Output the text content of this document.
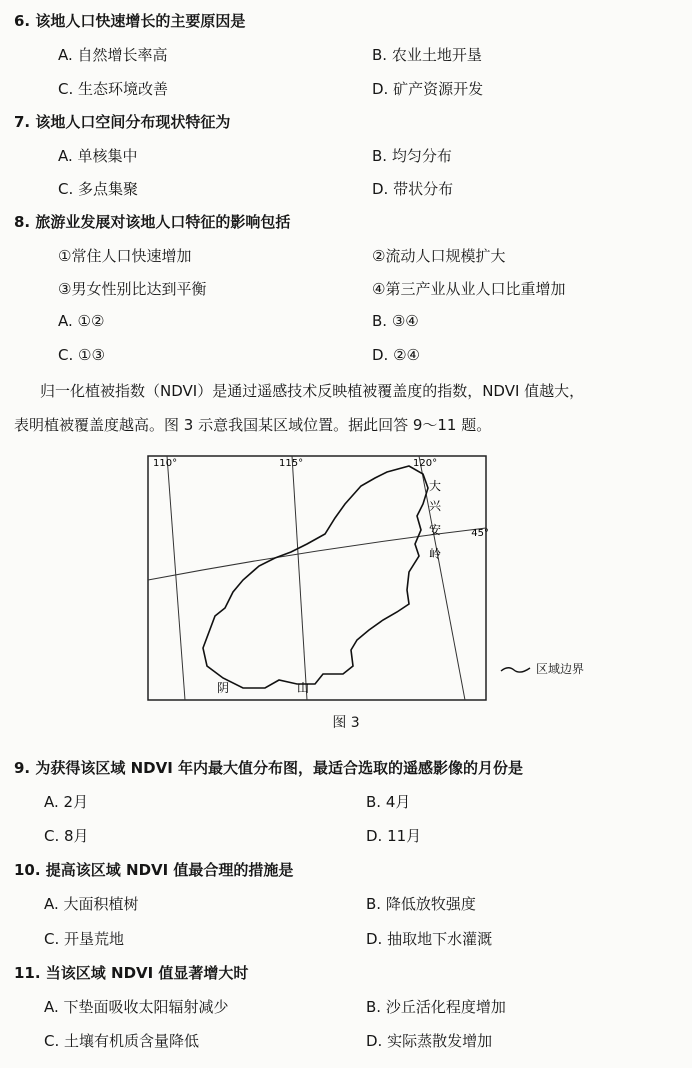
6. 该地人口快速增长的主要原因是
A. 自然增长率高	B. 农业土地开垦
C. 生态环境改善	D. 矿产资源开发
7. 该地人口空间分布现状特征为
A. 单核集中	B. 均匀分布
C. 多点集聚	D. 带状分布
8. 旅游业发展对该地人口特征的影响包括
①常住人口快速增加	②流动人口规模扩大
③男女性别比达到平衡	④第三产业从业人口比重增加
A. ①②	B. ③④
C. ①③	D. ②④
归一化植被指数（NDVI）是通过遥感技术反映植被覆盖度的指数，NDVI 值越大，
表明植被覆盖度越高。图 3 示意我国某区域位置。据此回答 9～11 题。
110°	115°	120°
45°
大
兴
安
岭
阴	山
区域边界
图 3
9. 为获得该区域 NDVI 年内最大值分布图，最适合选取的遥感影像的月份是
A. 2月	B. 4月
C. 8月	D. 11月
10. 提高该区域 NDVI 值最合理的措施是
A. 大面积植树	B. 降低放牧强度
C. 开垦荒地	D. 抽取地下水灌溉
11. 当该区域 NDVI 值显著增大时
A. 下垫面吸收太阳辐射减少	B. 沙丘活化程度增加
C. 土壤有机质含量降低	D. 实际蒸散发增加
